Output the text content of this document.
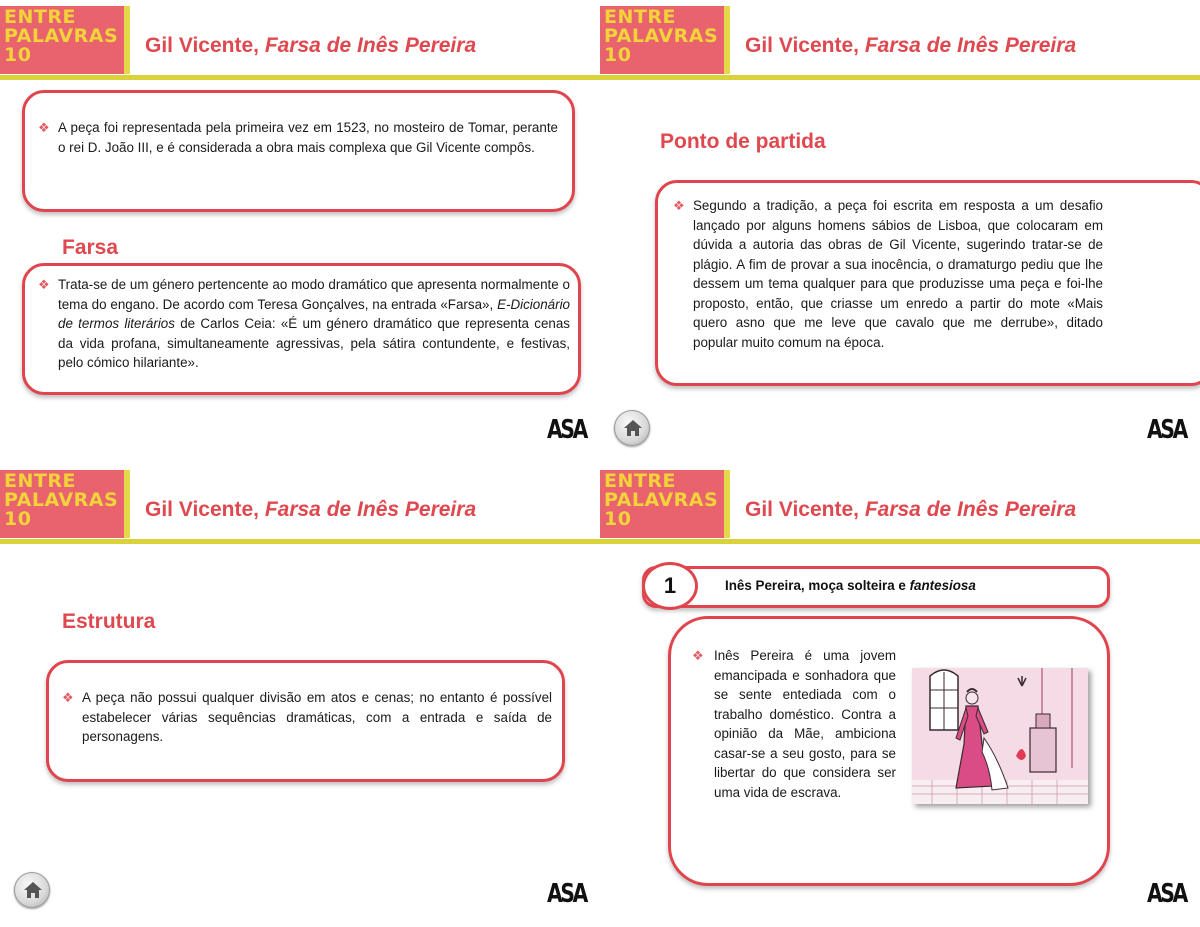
ENTRE
PALAVRAS
10	Gil Vicente, Farsa de Inês Pereira
❖ A peça foi representada pela primeira vez em 1523, no mosteiro de Tomar, perante o rei D. João III, e é considerada a obra mais complexa que Gil Vicente compôs.
Farsa
❖ Trata-se de um género pertencente ao modo dramático que apresenta normalmente o tema do engano. De acordo com Teresa Gonçalves, na entrada «Farsa», E-Dicionário de termos literários de Carlos Ceia: «É um género dramático que representa cenas da vida profana, simultaneamente agressivas, pela sátira contundente, e festivas, pelo cómico hilariante».
ASA
ENTRE
PALAVRAS
10	Gil Vicente, Farsa de Inês Pereira
Ponto de partida
❖ Segundo a tradição, a peça foi escrita em resposta a um desafio lançado por alguns homens sábios de Lisboa, que colocaram em dúvida a autoria das obras de Gil Vicente, sugerindo tratar-se de plágio. A fim de provar a sua inocência, o dramaturgo pediu que lhe dessem um tema qualquer para que produzisse uma peça e foi-lhe proposto, então, que criasse um enredo a partir do mote «Mais quero asno que me leve que cavalo que me derrube», ditado popular muito comum na época.
ASA
ENTRE
PALAVRAS
10	Gil Vicente, Farsa de Inês Pereira
Estrutura
❖ A peça não possui qualquer divisão em atos e cenas; no entanto é possível estabelecer várias sequências dramáticas, com a entrada e saída de personagens.
ASA
ENTRE
PALAVRAS
10	Gil Vicente, Farsa de Inês Pereira
1	Inês Pereira, moça solteira e fantesiosa
❖ Inês Pereira é uma jovem emancipada e sonhadora que se sente entediada com o trabalho doméstico. Contra a opinião da Mãe, ambiciona casar-se a seu gosto, para se libertar do que considera ser uma vida de escrava.
ASA
